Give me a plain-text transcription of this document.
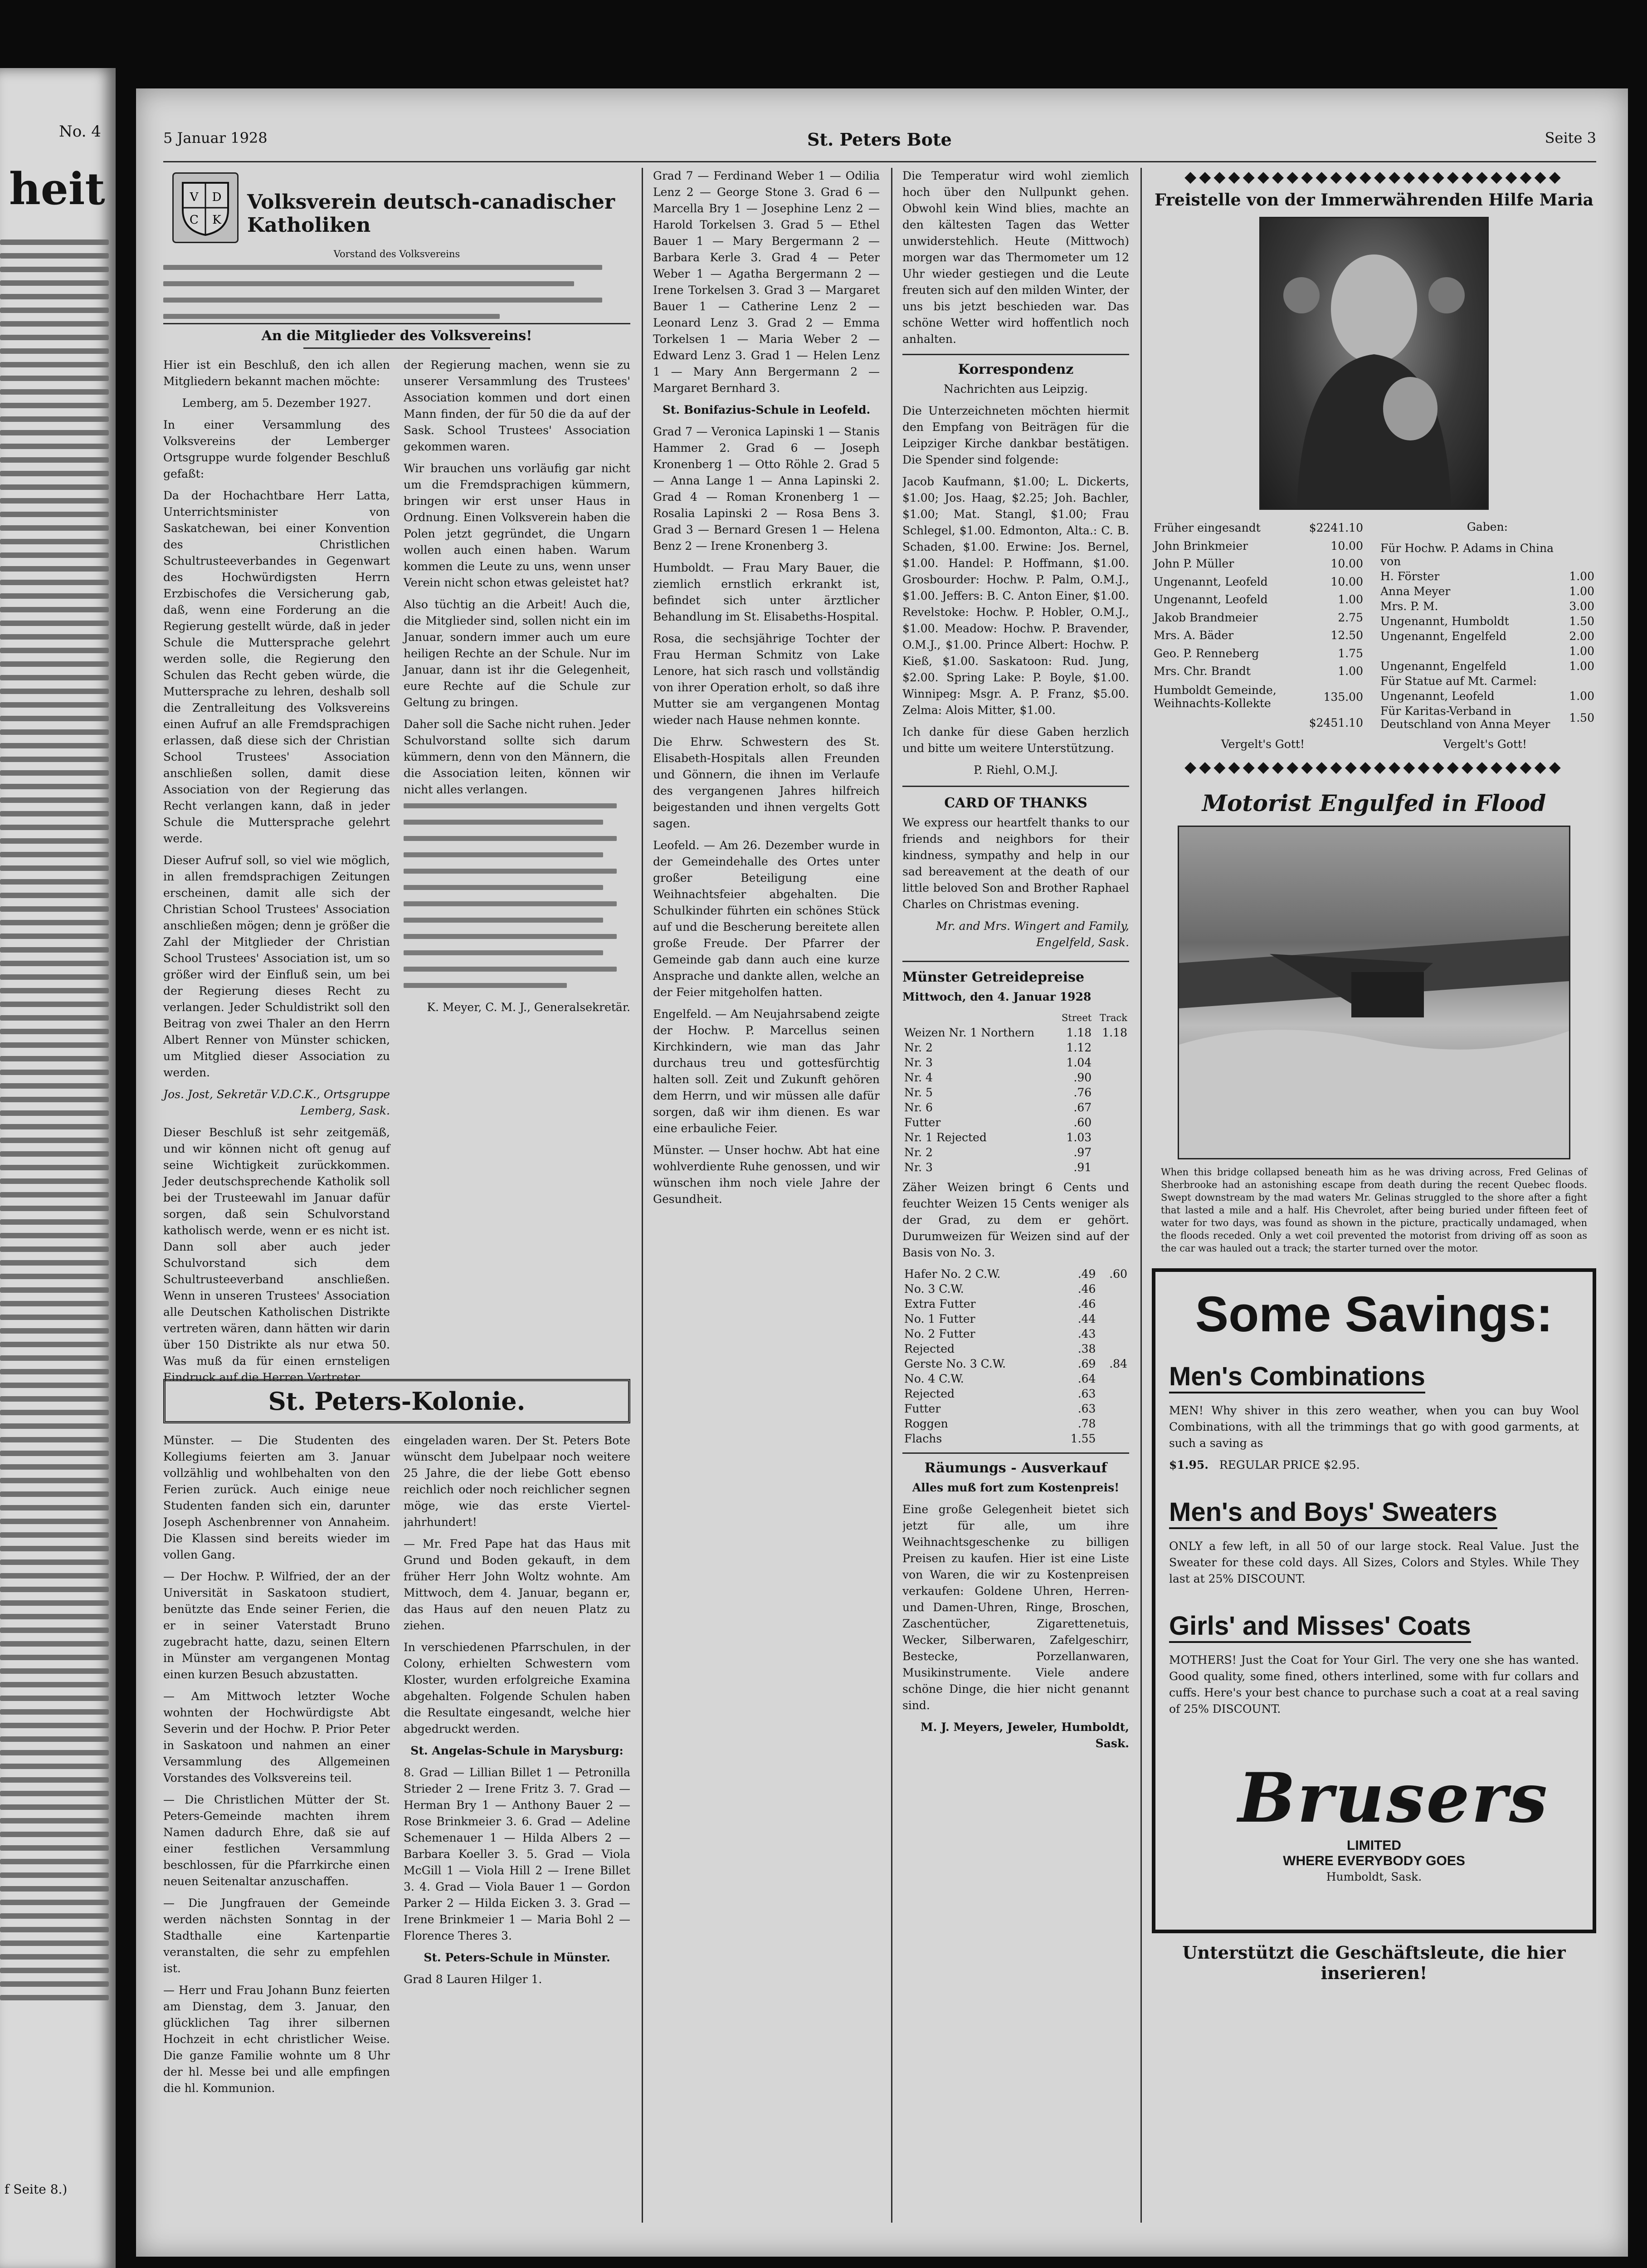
No. 4
heit
f Seite 8.)
5 Januar 1928	St. Peters Bote	Seite 3
V D
C K
Volksverein deutsch-canadischer Katholiken
Vorstand des Volksvereins
An die Mitglieder des Volksvereins!

Hier ist ein Beschluß, den ich allen Mitgliedern bekannt machen möchte:

Lemberg, am 5. Dezember 1927.

In einer Versammlung des Volksvereins der Lemberger Ortsgruppe wurde folgender Beschluß gefaßt:

Da der Hochachtbare Herr Latta, Unterrichtsminister von Saskatchewan, bei einer Konvention des Christlichen Schultrusteeverbandes in Gegenwart des Hochwürdigsten Herrn Erzbischofes die Versicherung gab, daß, wenn eine Forderung an die Regierung gestellt würde, daß in jeder Schule die Muttersprache gelehrt werden solle, die Regierung den Schulen das Recht geben würde, die Muttersprache zu lehren, deshalb soll die Zentralleitung des Volksvereins einen Aufruf an alle Fremdsprachigen erlassen, daß diese sich der Christian School Trustees' Association anschließen sollen, damit diese Association von der Regierung das Recht verlangen kann, daß in jeder Schule die Muttersprache gelehrt werde.

Dieser Aufruf soll, so viel wie möglich, in allen fremdsprachigen Zeitungen erscheinen, damit alle sich der Christian School Trustees' Association anschließen mögen; denn je größer die Zahl der Mitglieder der Christian School Trustees' Association ist, um so größer wird der Einfluß sein, um bei der Regierung dieses Recht zu verlangen. Jeder Schuldistrikt soll den Beitrag von zwei Thaler an den Herrn Albert Renner von Münster schicken, um Mitglied dieser Association zu werden.

Jos. Jost, Sekretär V.D.C.K., Ortsgruppe Lemberg, Sask.

Dieser Beschluß ist sehr zeitgemäß, und wir können nicht oft genug auf seine Wichtigkeit zurückkommen. Jeder deutschsprechende Katholik soll bei der Trusteewahl im Januar dafür sorgen, daß sein Schulvorstand katholisch werde, wenn er es nicht ist. Dann soll aber auch jeder Schulvorstand sich dem Schultrusteeverband anschließen. Wenn in unseren Trustees' Association alle Deutschen Katholischen Distrikte vertreten wären, dann hätten wir darin über 150 Distrikte als nur etwa 50. Was muß da für einen ernsteligen Eindruck auf die Herren Vertreter

der Regierung machen, wenn sie zu unserer Versammlung des Trustees' Association kommen und dort einen Mann finden, der für 50 die da auf der Sask. School Trustees' Association gekommen waren.

Wir brauchen uns vorläufig gar nicht um die Fremdsprachigen kümmern, bringen wir erst unser Haus in Ordnung. Einen Volksverein haben die Polen jetzt gegründet, die Ungarn wollen auch einen haben. Warum kommen die Leute zu uns, wenn unser Verein nicht schon etwas geleistet hat?

Also tüchtig an die Arbeit! Auch die, die Mitglieder sind, sollen nicht ein im Januar, sondern immer auch um eure heiligen Rechte an der Schule. Nur im Januar, dann ist ihr die Gelegenheit, eure Rechte auf die Schule zur Geltung zu bringen.

Daher soll die Sache nicht ruhen. Jeder Schulvorstand sollte sich darum kümmern, denn von den Männern, die die Association leiten, können wir nicht alles verlangen.

K. Meyer, C. M. J., Generalsekretär.

St. Peters-Kolonie.

Münster. — Die Studenten des Kollegiums feierten am 3. Januar vollzählig und wohlbehalten von den Ferien zurück. Auch einige neue Studenten fanden sich ein, darunter Joseph Aschenbrenner von Annaheim. Die Klassen sind bereits wieder im vollen Gang.

— Der Hochw. P. Wilfried, der an der Universität in Saskatoon studiert, benützte das Ende seiner Ferien, die er in seiner Vaterstadt Bruno zugebracht hatte, dazu, seinen Eltern in Münster am vergangenen Montag einen kurzen Besuch abzustatten.

— Am Mittwoch letzter Woche wohnten der Hochwürdigste Abt Severin und der Hochw. P. Prior Peter in Saskatoon und nahmen an einer Versammlung des Allgemeinen Vorstandes des Volksvereins teil.

— Die Christlichen Mütter der St. Peters-Gemeinde machten ihrem Namen dadurch Ehre, daß sie auf einer festlichen Versammlung beschlossen, für die Pfarrkirche einen neuen Seitenaltar anzuschaffen.

— Die Jungfrauen der Gemeinde werden nächsten Sonntag in der Stadthalle eine Kartenpartie veranstalten, die sehr zu empfehlen ist.

— Herr und Frau Johann Bunz feierten am Dienstag, dem 3. Januar, den glücklichen Tag ihrer silbernen Hochzeit in echt christlicher Weise. Die ganze Familie wohnte um 8 Uhr der hl. Messe bei und alle empfingen die hl. Kommunion.

eingeladen waren. Der St. Peters Bote wünscht dem Jubelpaar noch weitere 25 Jahre, die der liebe Gott ebenso reichlich oder noch reichlicher segnen möge, wie das erste Viertel-jahrhundert!

— Mr. Fred Pape hat das Haus mit Grund und Boden gekauft, in dem früher Herr John Woltz wohnte. Am Mittwoch, dem 4. Januar, begann er, das Haus auf den neuen Platz zu ziehen.

In verschiedenen Pfarrschulen, in der Colony, erhielten Schwestern vom Kloster, wurden erfolgreiche Examina abgehalten. Folgende Schulen haben die Resultate eingesandt, welche hier abgedruckt werden.

St. Angelas-Schule in Marysburg:

8. Grad — Lillian Billet 1 — Petronilla Strieder 2 — Irene Fritz 3. 7. Grad — Herman Bry 1 — Anthony Bauer 2 — Rose Brinkmeier 3. 6. Grad — Adeline Schemenauer 1 — Hilda Albers 2 — Barbara Koeller 3. 5. Grad — Viola McGill 1 — Viola Hill 2 — Irene Billet 3. 4. Grad — Viola Bauer 1 — Gordon Parker 2 — Hilda Eicken 3. 3. Grad — Irene Brinkmeier 1 — Maria Bohl 2 — Florence Theres 3.

St. Peters-Schule in Münster.

Grad 8 Lauren Hilger 1.

Grad 7 — Ferdinand Weber 1 — Odilia Lenz 2 — George Stone 3. Grad 6 — Marcella Bry 1 — Josephine Lenz 2 — Harold Torkelsen 3. Grad 5 — Ethel Bauer 1 — Mary Bergermann 2 — Barbara Kerle 3. Grad 4 — Peter Weber 1 — Agatha Bergermann 2 — Irene Torkelsen 3. Grad 3 — Margaret Bauer 1 — Catherine Lenz 2 — Leonard Lenz 3. Grad 2 — Emma Torkelsen 1 — Maria Weber 2 — Edward Lenz 3. Grad 1 — Helen Lenz 1 — Mary Ann Bergermann 2 — Margaret Bernhard 3.

St. Bonifazius-Schule in Leofeld.

Grad 7 — Veronica Lapinski 1 — Stanis Hammer 2. Grad 6 — Joseph Kronenberg 1 — Otto Röhle 2. Grad 5 — Anna Lange 1 — Anna Lapinski 2. Grad 4 — Roman Kronenberg 1 — Rosalia Lapinski 2 — Rosa Bens 3. Grad 3 — Bernard Gresen 1 — Helena Benz 2 — Irene Kronenberg 3.

Humboldt. — Frau Mary Bauer, die ziemlich ernstlich erkrankt ist, befindet sich unter ärztlicher Behandlung im St. Elisabeths-Hospital.

Rosa, die sechsjährige Tochter der Frau Herman Schmitz von Lake Lenore, hat sich rasch und vollständig von ihrer Operation erholt, so daß ihre Mutter sie am vergangenen Montag wieder nach Hause nehmen konnte.

Die Ehrw. Schwestern des St. Elisabeth-Hospitals allen Freunden und Gönnern, die ihnen im Verlaufe des vergangenen Jahres hilfreich beigestanden und ihnen vergelts Gott sagen.

Leofeld. — Am 26. Dezember wurde in der Gemeindehalle des Ortes unter großer Beteiligung eine Weihnachtsfeier abgehalten. Die Schulkinder führten ein schönes Stück auf und die Bescherung bereitete allen große Freude. Der Pfarrer der Gemeinde gab dann auch eine kurze Ansprache und dankte allen, welche an der Feier mitgeholfen hatten.

Engelfeld. — Am Neujahrsabend zeigte der Hochw. P. Marcellus seinen Kirchkindern, wie man das Jahr durchaus treu und gottesfürchtig halten soll. Zeit und Zukunft gehören dem Herrn, und wir müssen alle dafür sorgen, daß wir ihm dienen. Es war eine erbauliche Feier.

Münster. — Unser hochw. Abt hat eine wohlverdiente Ruhe genossen, und wir wünschen ihm noch viele Jahre der Gesundheit.

Die Temperatur wird wohl ziemlich hoch über den Nullpunkt gehen. Obwohl kein Wind blies, machte an den kältesten Tagen das Wetter unwiderstehlich. Heute (Mittwoch) morgen war das Thermometer um 12 Uhr wieder gestiegen und die Leute freuten sich auf den milden Winter, der uns bis jetzt beschieden war. Das schöne Wetter wird hoffentlich noch anhalten.

Korrespondenz
Nachrichten aus Leipzig.

Die Unterzeichneten möchten hiermit den Empfang von Beiträgen für die Leipziger Kirche dankbar bestätigen. Die Spender sind folgende:

Jacob Kaufmann, $1.00; L. Dickerts, $1.00; Jos. Haag, $2.25; Joh. Bachler, $1.00; Mat. Stangl, $1.00; Frau Schlegel, $1.00. Edmonton, Alta.: C. B. Schaden, $1.00. Erwine: Jos. Bernel, $1.00. Handel: P. Hoffmann, $1.00. Grosbourder: Hochw. P. Palm, O.M.J., $1.00. Jeffers: B. C. Anton Einer, $1.00. Revelstoke: Hochw. P. Hobler, O.M.J., $1.00. Meadow: Hochw. P. Bravender, O.M.J., $1.00. Prince Albert: Hochw. P. Kieß, $1.00. Saskatoon: Rud. Jung, $2.00. Spring Lake: P. Boyle, $1.00. Winnipeg: Msgr. A. P. Franz, $5.00. Zelma: Alois Mitter, $1.00.

Ich danke für diese Gaben herzlich und bitte um weitere Unterstützung.

P. Riehl, O.M.J.

CARD OF THANKS

We express our heartfelt thanks to our friends and neighbors for their kindness, sympathy and help in our sad bereavement at the death of our little beloved Son and Brother Raphael Charles on Christmas evening.

Mr. and Mrs. Wingert and Family, Engelfeld, Sask.

Münster Getreidepreise
Mittwoch, den 4. Januar 1928
	Street	Track
Weizen Nr. 1 Northern	1.18	1.18
Nr. 2	1.12	
Nr. 3	1.04	
Nr. 4	.90	
Nr. 5	.76	
Nr. 6	.67	
Futter	.60	
Nr. 1 Rejected	1.03	
Nr. 2	.97	
Nr. 3	.91	

Zäher Weizen bringt 6 Cents und feuchter Weizen 15 Cents weniger als der Grad, zu dem er gehört. Durumweizen für Weizen sind auf der Basis von No. 3.

Hafer No. 2 C.W.	.49	.60
No. 3 C.W.	.46	
Extra Futter	.46	
No. 1 Futter	.44	
No. 2 Futter	.43	
Rejected	.38	
Gerste No. 3 C.W.	.69	.84
No. 4 C.W.	.64	
Rejected	.63	
Futter	.63	
Roggen	.78	
Flachs	1.55	
Räumungs - Ausverkauf
Alles muß fort zum Kostenpreis!

Eine große Gelegenheit bietet sich jetzt für alle, um ihre Weihnachtsgeschenke zu billigen Preisen zu kaufen. Hier ist eine Liste von Waren, die wir zu Kostenpreisen verkaufen: Goldene Uhren, Herren- und Damen-Uhren, Ringe, Broschen, Zaschentücher, Zigarettenetuis, Wecker, Silberwaren, Zafelgeschirr, Bestecke, Porzellanwaren, Musikinstrumente. Viele andere schöne Dinge, die hier nicht genannt sind.

M. J. Meyers, Jeweler, Humboldt, Sask.

◆◆◆◆◆◆◆◆◆◆◆◆◆◆◆◆◆◆◆◆◆◆◆◆◆◆
Freistelle von der Immerwährenden Hilfe Maria
Früher eingesandt	$2241.10
John Brinkmeier	10.00
John P. Müller	10.00
Ungenannt, Leofeld	10.00
Ungenannt, Leofeld	1.00
Jakob Brandmeier	2.75
Mrs. A. Bäder	12.50
Geo. P. Renneberg	1.75
Mrs. Chr. Brandt	1.00
Humboldt Gemeinde, Weihnachts-Kollekte	135.00
	$2451.10
Gaben:
Für Hochw. P. Adams in China von	
H. Förster	1.00
Anna Meyer	1.00
Mrs. P. M.	3.00
Ungenannt, Humboldt	1.50
Ungenannt, Engelfeld	2.00
	1.00
Ungenannt, Engelfeld	1.00
Für Statue auf Mt. Carmel:	
Ungenannt, Leofeld	1.00
Für Karitas-Verband in Deutschland von Anna Meyer	1.50
Vergelt's Gott!	Vergelt's Gott!
◆◆◆◆◆◆◆◆◆◆◆◆◆◆◆◆◆◆◆◆◆◆◆◆◆◆
Motorist Engulfed in Flood

When this bridge collapsed beneath him as he was driving across, Fred Gelinas of Sherbrooke had an astonishing escape from death during the recent Quebec floods. Swept downstream by the mad waters Mr. Gelinas struggled to the shore after a fight that lasted a mile and a half. His Chevrolet, after being buried under fifteen feet of water for two days, was found as shown in the picture, practically undamaged, when the floods receded. Only a wet coil prevented the motorist from driving off as soon as the car was hauled out a track; the starter turned over the motor.

Some Savings:
Men's Combinations

MEN! Why shiver in this zero weather, when you can buy Wool Combinations, with all the trimmings that go with good garments, at such a saving as

$1.95. REGULAR PRICE $2.95.

Men's and Boys' Sweaters

ONLY a few left, in all 50 of our large stock. Real Value. Just the Sweater for these cold days. All Sizes, Colors and Styles. While They last at 25% DISCOUNT.

Girls' and Misses' Coats

MOTHERS! Just the Coat for Your Girl. The very one she has wanted. Good quality, some fined, others interlined, some with fur collars and cuffs. Here's your best chance to purchase such a coat at a real saving of 25% DISCOUNT.

Brusers
LIMITED
WHERE EVERYBODY GOES
Humboldt, Sask.
Unterstützt die Geschäftsleute, die hier inserieren!
